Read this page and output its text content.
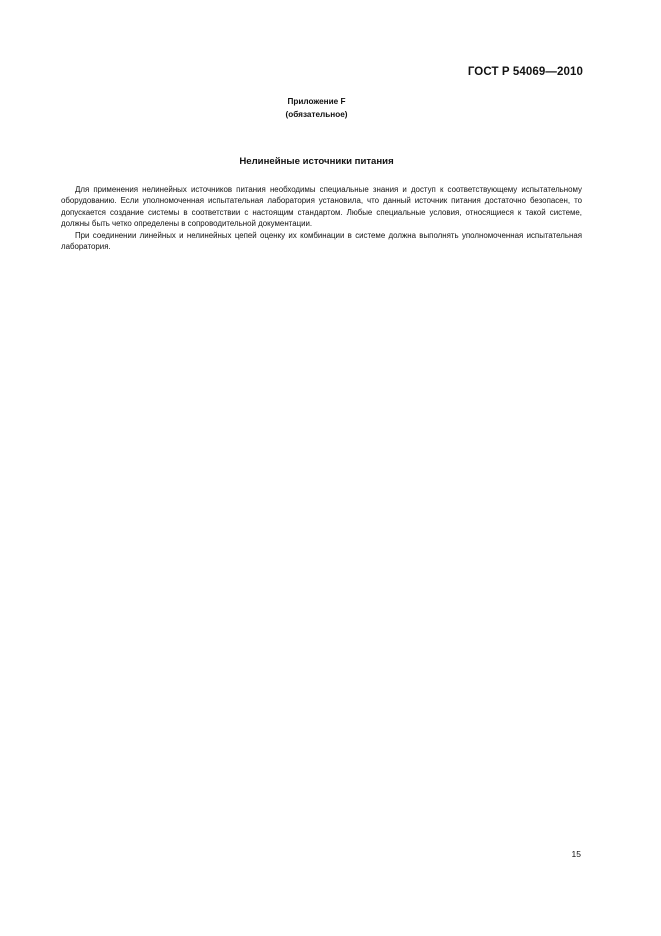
ГОСТ Р 54069—2010
Приложение F
(обязательное)
Нелинейные источники питания

Для применения нелинейных источников питания необходимы специальные знания и доступ к соответствующему испытательному оборудованию. Если уполномоченная испытательная лаборатория установила, что данный источник питания достаточно безопасен, то допускается создание системы в соответствии с настоящим стандартом. Любые специальные условия, относящиеся к такой системе, должны быть четко определены в сопроводительной документации.

При соединении линейных и нелинейных цепей оценку их комбинации в системе должна выполнять уполномоченная испытательная лаборатория.

15
